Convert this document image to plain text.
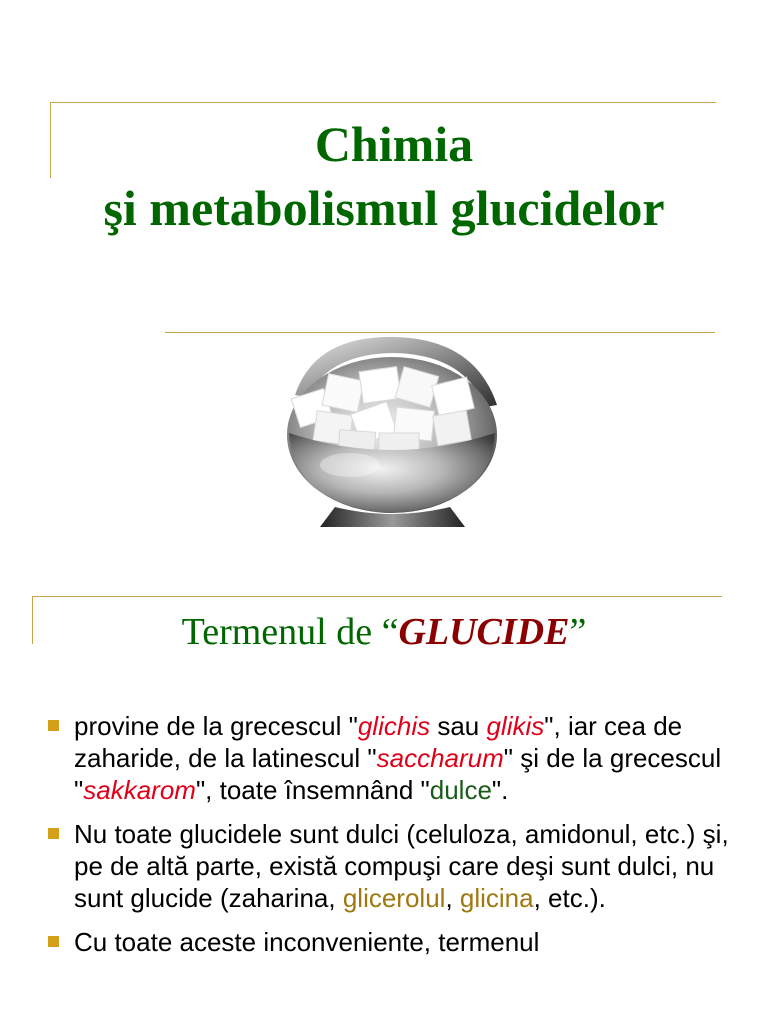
Chimia
şi metabolismul glucidelor
Termenul de “GLUCIDE”
provine de la grecescul "glichis sau glikis", iar cea de zaharide, de la latinescul "saccharum" şi de la grecescul "sakkarom", toate însemnând "dulce".
Nu toate glucidele sunt dulci (celuloza, amidonul, etc.) şi, pe de altă parte, există compuşi care deşi sunt dulci, nu sunt glucide (zaharina, glicerolul, glicina, etc.).
Cu toate aceste inconveniente, termenul
